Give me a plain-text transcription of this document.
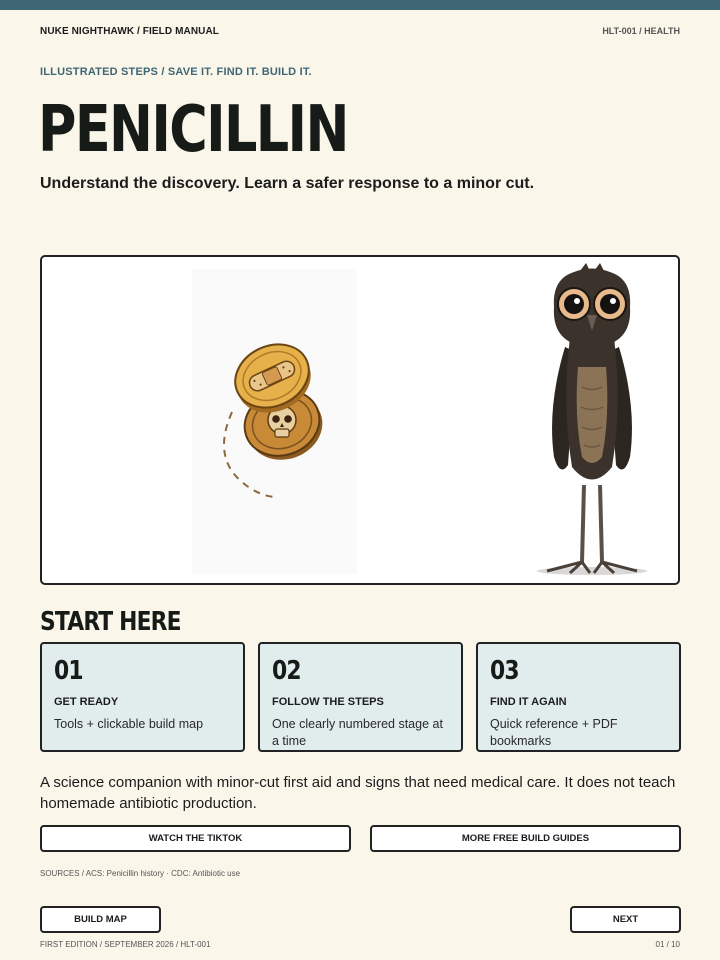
NUKE NIGHTHAWK / FIELD MANUAL	HLT-001 / HEALTH
ILLUSTRATED STEPS / SAVE IT. FIND IT. BUILD IT.
PENICILLIN
Understand the discovery. Learn a safer response to a minor cut.
START HERE
01
GET READY
Tools + clickable build map
02
FOLLOW THE STEPS
One clearly numbered stage at a time
03
FIND IT AGAIN
Quick reference + PDF bookmarks
A science companion with minor-cut first aid and signs that need medical care. It does not teach homemade antibiotic production.
WATCH THE TIKTOK	MORE FREE BUILD GUIDES
SOURCES / ACS: Penicillin history · CDC: Antibiotic use
BUILD MAP	NEXT
FIRST EDITION / SEPTEMBER 2026 / HLT-001	01 / 10
